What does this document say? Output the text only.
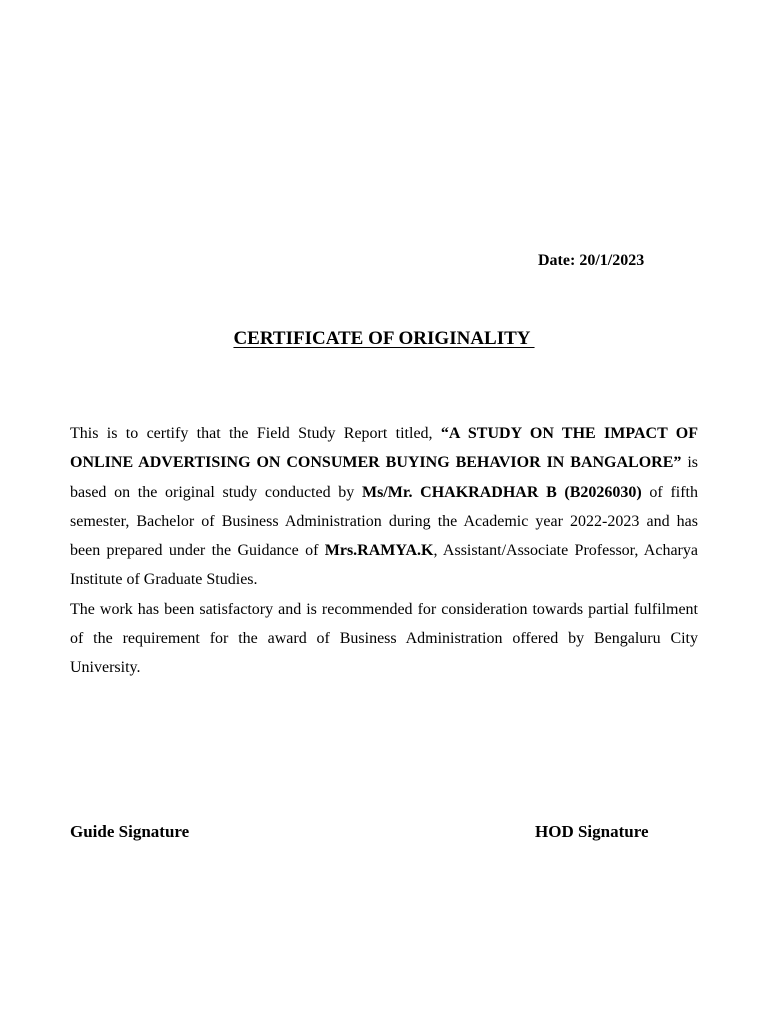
Date: 20/1/2023
CERTIFICATE OF ORIGINALITY

This is to certify that the Field Study Report titled, “A STUDY ON THE IMPACT OF ONLINE ADVERTISING ON CONSUMER BUYING BEHAVIOR IN BANGALORE” is based on the original study conducted by Ms/Mr. CHAKRADHAR B (B2026030) of fifth semester, Bachelor of Business Administration during the Academic year 2022-2023 and has been prepared under the Guidance of Mrs.RAMYA.K, Assistant/Associate Professor, Acharya Institute of Graduate Studies.

The work has been satisfactory and is recommended for consideration towards partial fulfilment of the requirement for the award of Business Administration offered by Bengaluru City University.

Guide Signature	HOD Signature
